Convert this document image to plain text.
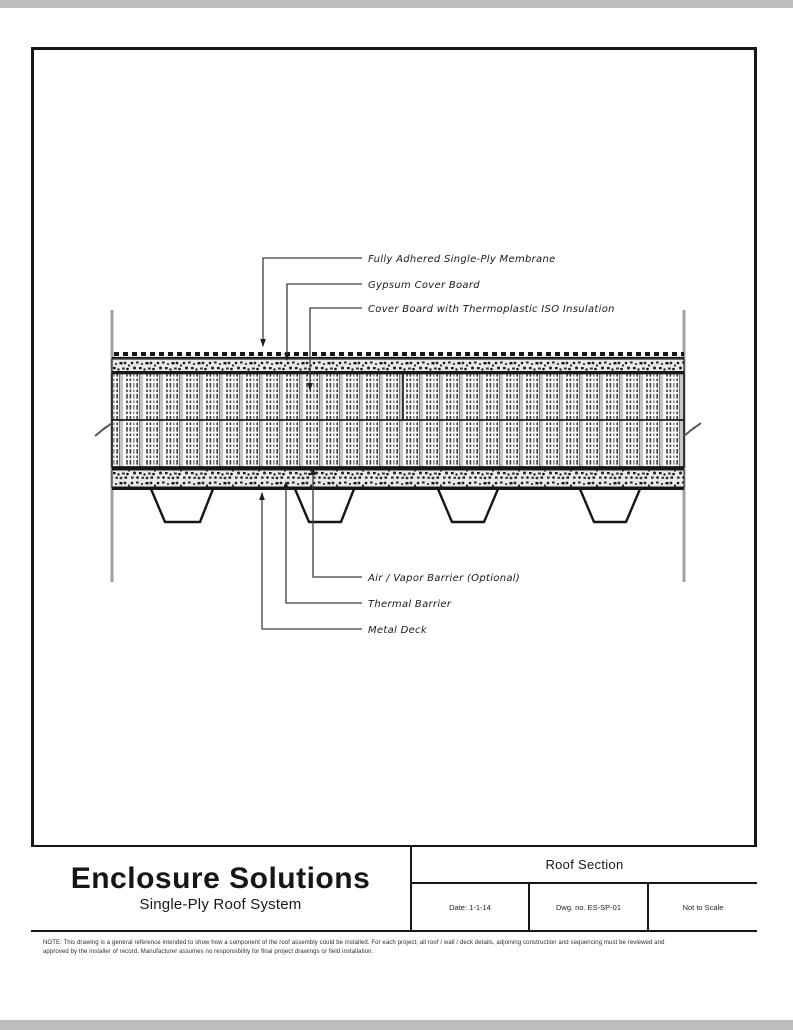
Fully Adhered Single-Ply Membrane
Gypsum Cover Board
Cover Board with Thermoplastic ISO Insulation
Air / Vapor Barrier (Optional)
Thermal Barrier
Metal Deck
Enclosure Solutions
Single-Ply Roof System
Roof Section
Date: 1-1-14	Dwg. no. ES-SP-01	Not to Scale
NOTE: This drawing is a general reference intended to show how a component of the roof assembly could be installed. For each project, all roof / wall / deck details, adjoining construction and sequencing must be reviewed and
approved by the installer of record. Manufacturer assumes no responsibility for final project drawings or field installation.
